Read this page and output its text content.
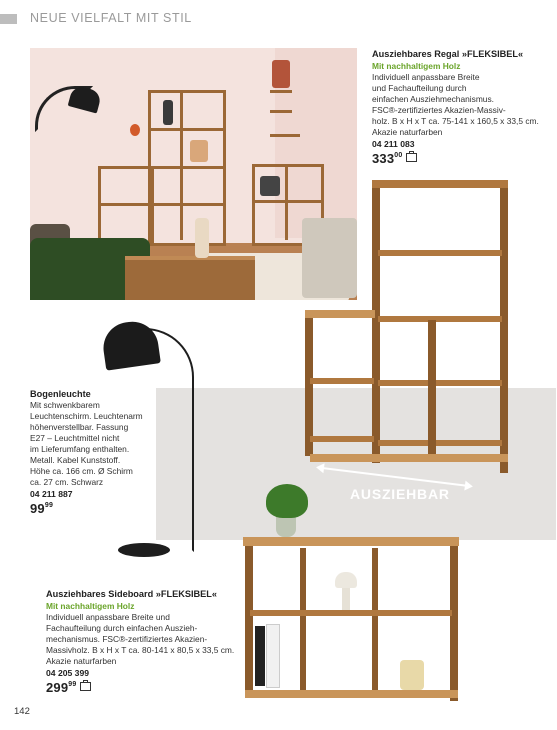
NEUE VIELFALT MIT STIL
Ausziehbares Regal »FLEKSIBEL«
Mit nachhaltigem Holz
Individuell anpassbare Breite
und Fachaufteilung durch
einfachen Ausziehmechanismus.
FSC®-zertifiziertes Akazien-Massiv-
holz. B x H x T ca. 75-141 x 160,5 x 33,5 cm.
Akazie naturfarben
04 211 083
$333^{00}$
AUSZIEHBAR
Bogenleuchte
Mit schwenkbarem
Leuchtenschirm. Leuchtenarm
höhenverstellbar. Fassung
E27 – Leuchtmittel nicht
im Lieferumfang enthalten.
Metall. Kabel Kunststoff.
Höhe ca. 166 cm. Ø Schirm
ca. 27 cm. Schwarz
04 211 887
$99^{99}$
Ausziehbares Sideboard »FLEKSIBEL«
Mit nachhaltigem Holz
Individuell anpassbare Breite und
Fachaufteilung durch einfachen Auszieh-
mechanismus. FSC®-zertifiziertes Akazien-
Massivholz. B x H x T ca. 80-141 x 80,5 x 33,5 cm.
Akazie naturfarben
04 205 399
$299^{99}$
142
